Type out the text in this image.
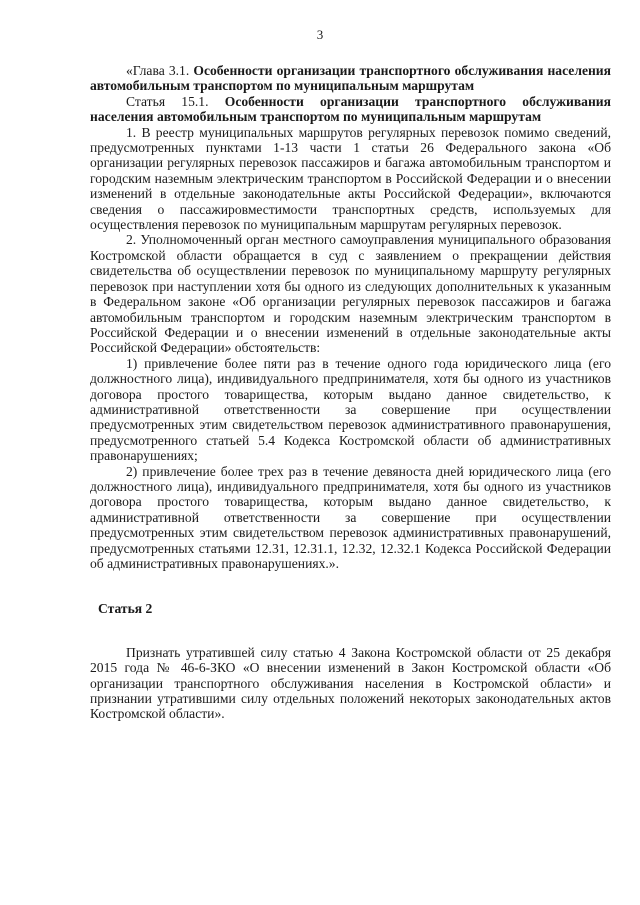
3

«Глава 3.1. Особенности организации транспортного обслуживания населения автомобильным транспортом по муниципальным маршрутам

Статья 15.1. Особенности организации транспортного обслуживания населения автомобильным транспортом по муниципальным маршрутам

1. В реестр муниципальных маршрутов регулярных перевозок помимо сведений, предусмотренных пунктами 1-13 части 1 статьи 26 Федерального закона «Об организации регулярных перевозок пассажиров и багажа автомобильным транспортом и городским наземным электрическим транспортом в Российской Федерации и о внесении изменений в отдельные законодательные акты Российской Федерации», включаются сведения о пассажировместимости транспортных средств, используемых для осуществления перевозок по муниципальным маршрутам регулярных перевозок.

2. Уполномоченный орган местного самоуправления муниципального образования Костромской области обращается в суд с заявлением о прекращении действия свидетельства об осуществлении перевозок по муниципальному маршруту регулярных перевозок при наступлении хотя бы одного из следующих дополнительных к указанным в Федеральном законе «Об организации регулярных перевозок пассажиров и багажа автомобильным транспортом и городским наземным электрическим транспортом в Российской Федерации и о внесении изменений в отдельные законодательные акты Российской Федерации» обстоятельств:

1) привлечение более пяти раз в течение одного года юридического лица (его должностного лица), индивидуального предпринимателя, хотя бы одного из участников договора простого товарищества, которым выдано данное свидетельство, к административной ответственности за совершение при осуществлении предусмотренных этим свидетельством перевозок административного правонарушения, предусмотренного статьей 5.4 Кодекса Костромской области об административных правонарушениях;

2) привлечение более трех раз в течение девяноста дней юридического лица (его должностного лица), индивидуального предпринимателя, хотя бы одного из участников договора простого товарищества, которым выдано данное свидетельство, к административной ответственности за совершение при осуществлении предусмотренных этим свидетельством перевозок административных правонарушений, предусмотренных статьями 12.31, 12.31.1, 12.32, 12.32.1 Кодекса Российской Федерации об административных правонарушениях.».

Статья 2

Признать утратившей силу статью 4 Закона Костромской области от 25 декабря 2015 года № 46-6-ЗКО «О внесении изменений в Закон Костромской области «Об организации транспортного обслуживания населения в Костромской области» и признании утратившими силу отдельных положений некоторых законодательных актов Костромской области».
